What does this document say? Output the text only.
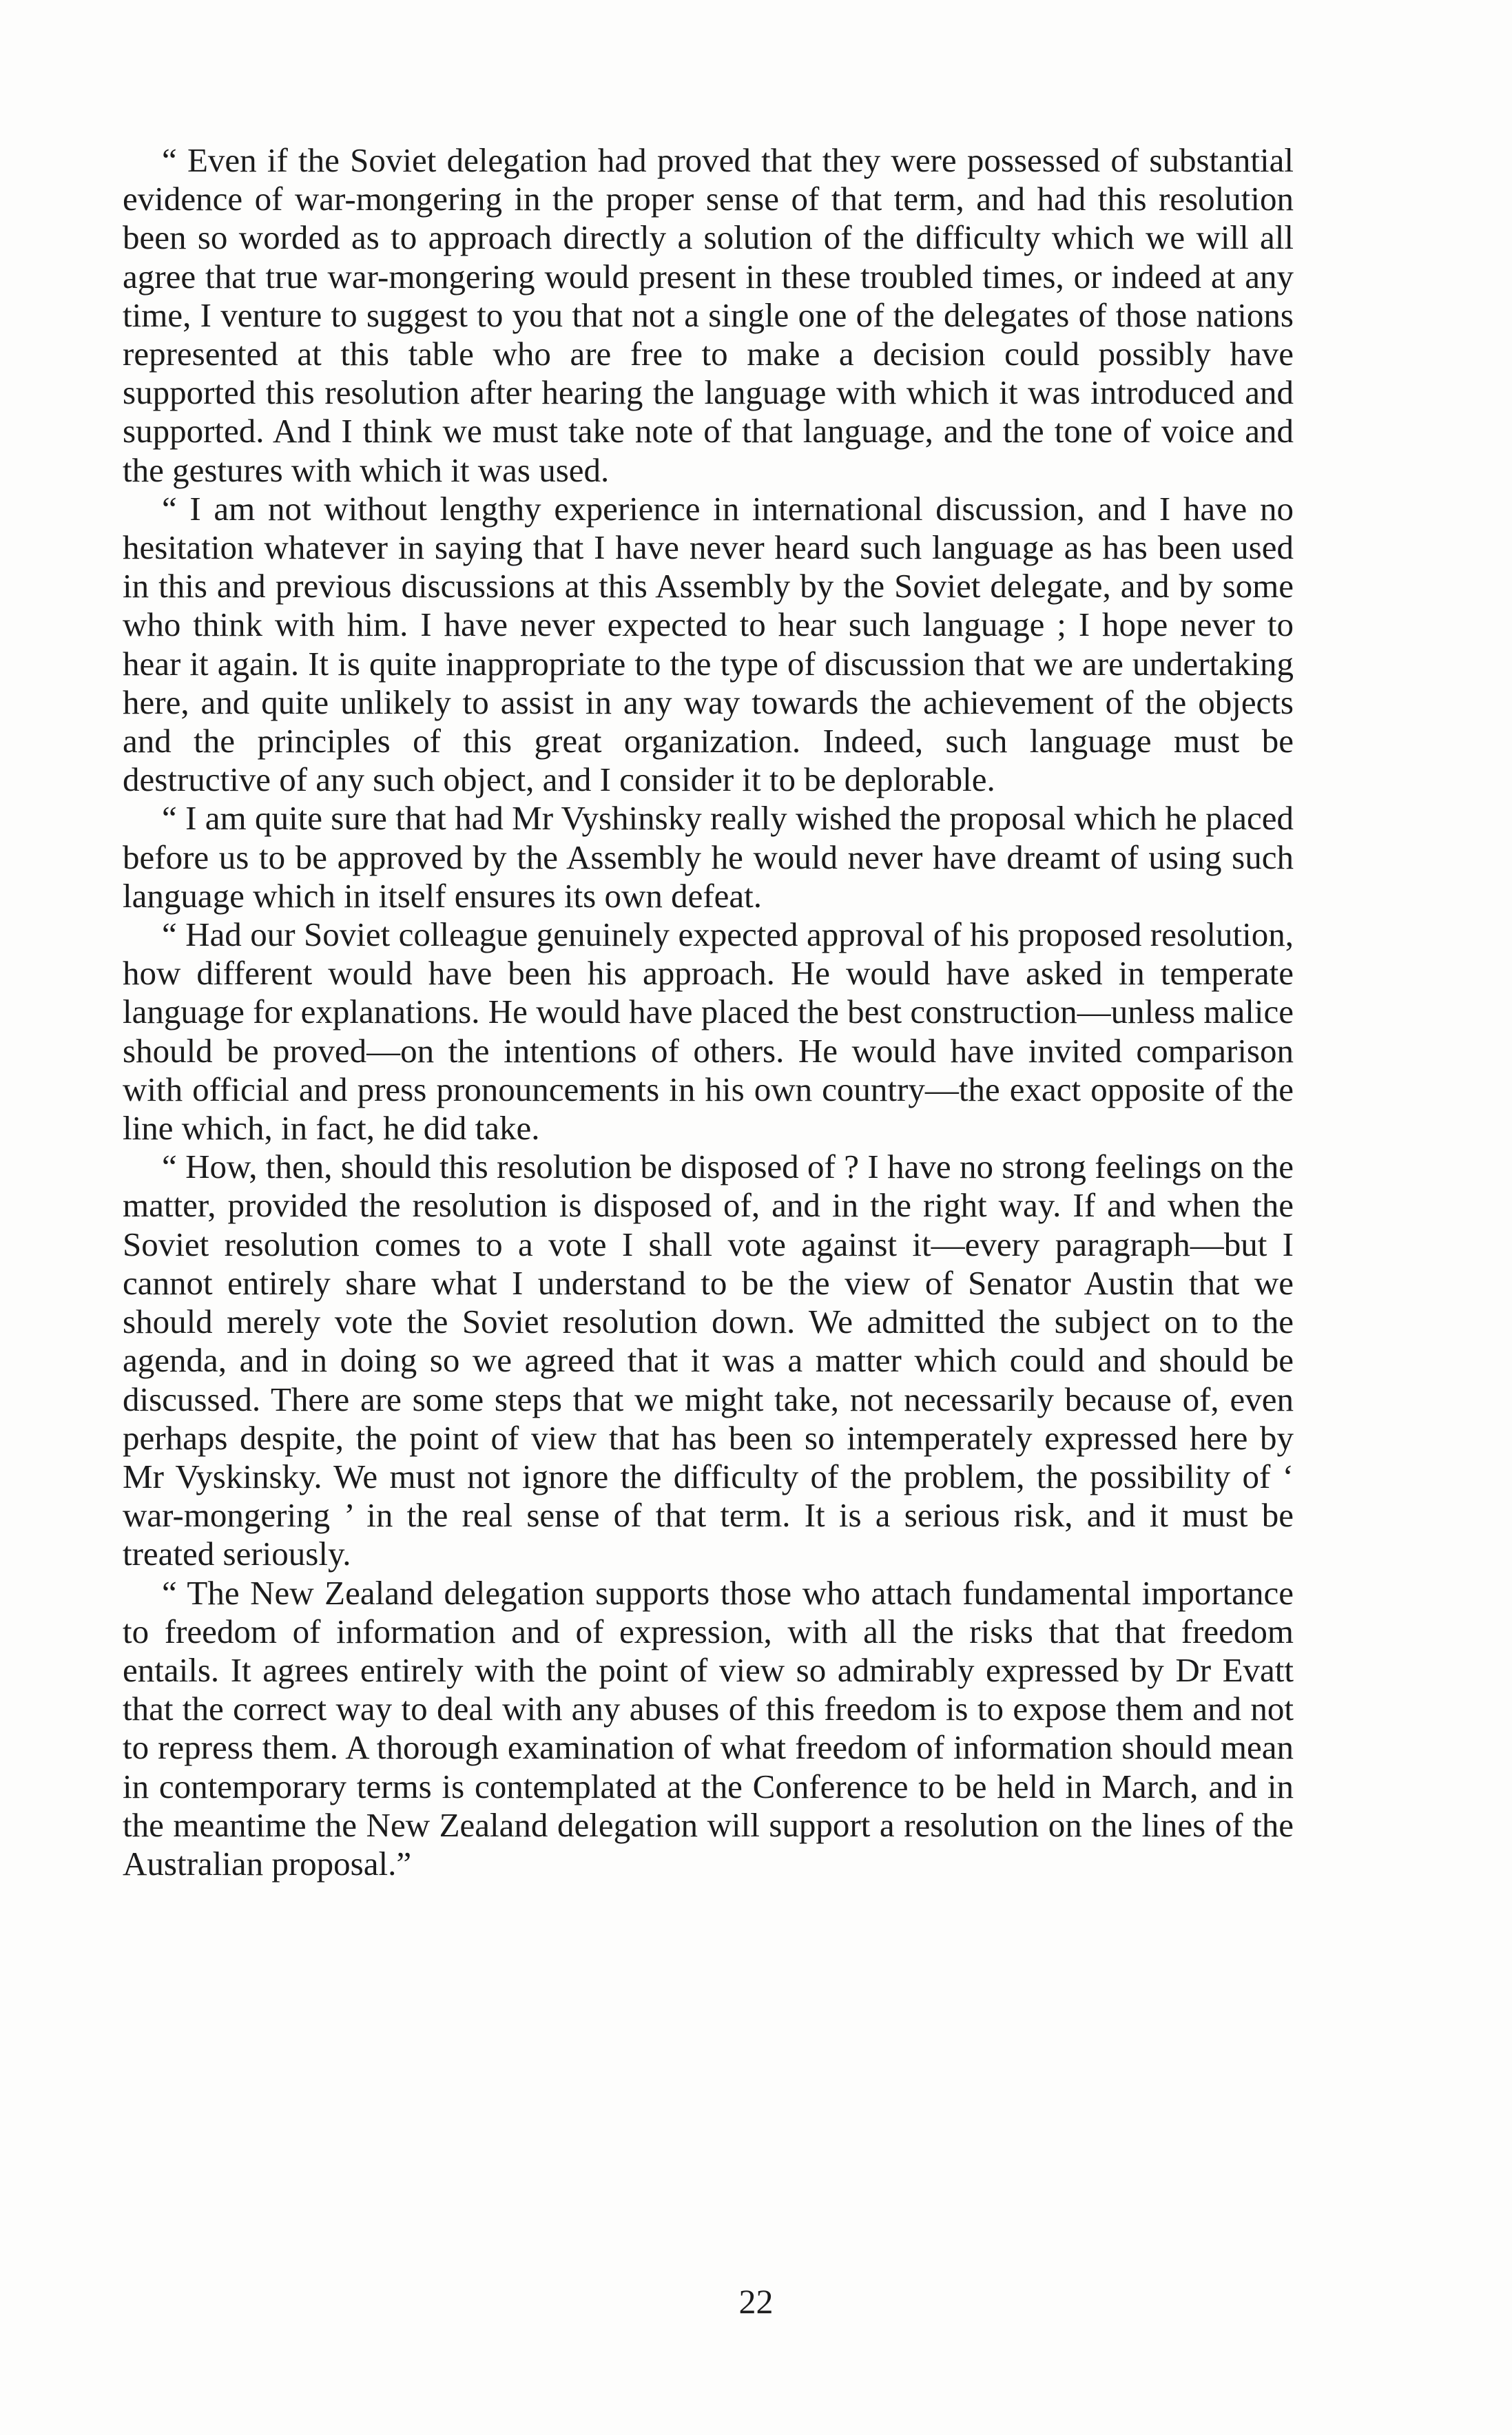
“ Even if the Soviet delegation had proved that they were possessed of substantial evidence of war-mongering in the proper sense of that term, and had this resolution been so worded as to approach directly a solution of the difficulty which we will all agree that true war-mongering would present in these troubled times, or indeed at any time, I venture to suggest to you that not a single one of the delegates of those nations represented at this table who are free to make a decision could possibly have supported this resolution after hearing the language with which it was introduced and supported. And I think we must take note of that language, and the tone of voice and the gestures with which it was used.

“ I am not without lengthy experience in international discussion, and I have no hesitation whatever in saying that I have never heard such language as has been used in this and previous discussions at this Assembly by the Soviet delegate, and by some who think with him. I have never expected to hear such language ; I hope never to hear it again. It is quite inappropriate to the type of discussion that we are undertaking here, and quite unlikely to assist in any way towards the achievement of the objects and the principles of this great organization. Indeed, such language must be destructive of any such object, and I consider it to be deplorable.

“ I am quite sure that had Mr Vyshinsky really wished the proposal which he placed before us to be approved by the Assembly he would never have dreamt of using such language which in itself ensures its own defeat.

“ Had our Soviet colleague genuinely expected approval of his proposed resolution, how different would have been his approach. He would have asked in temperate language for explanations. He would have placed the best construction—unless malice should be proved—on the intentions of others. He would have invited comparison with official and press pronouncements in his own country—the exact opposite of the line which, in fact, he did take.

“ How, then, should this resolution be disposed of ? I have no strong feelings on the matter, provided the resolution is disposed of, and in the right way. If and when the Soviet resolution comes to a vote I shall vote against it—every paragraph—but I cannot entirely share what I understand to be the view of Senator Austin that we should merely vote the Soviet resolution down. We admitted the subject on to the agenda, and in doing so we agreed that it was a matter which could and should be discussed. There are some steps that we might take, not necessarily because of, even perhaps despite, the point of view that has been so intemperately expressed here by Mr Vyskinsky. We must not ignore the difficulty of the problem, the possibility of ‘ war-mongering ’ in the real sense of that term. It is a serious risk, and it must be treated seriously.

“ The New Zealand delegation supports those who attach fundamental importance to freedom of information and of expression, with all the risks that that freedom entails. It agrees entirely with the point of view so admirably expressed by Dr Evatt that the correct way to deal with any abuses of this freedom is to expose them and not to repress them. A thorough examination of what freedom of information should mean in contemporary terms is contemplated at the Conference to be held in March, and in the meantime the New Zealand delegation will support a resolution on the lines of the Australian proposal.”

22
